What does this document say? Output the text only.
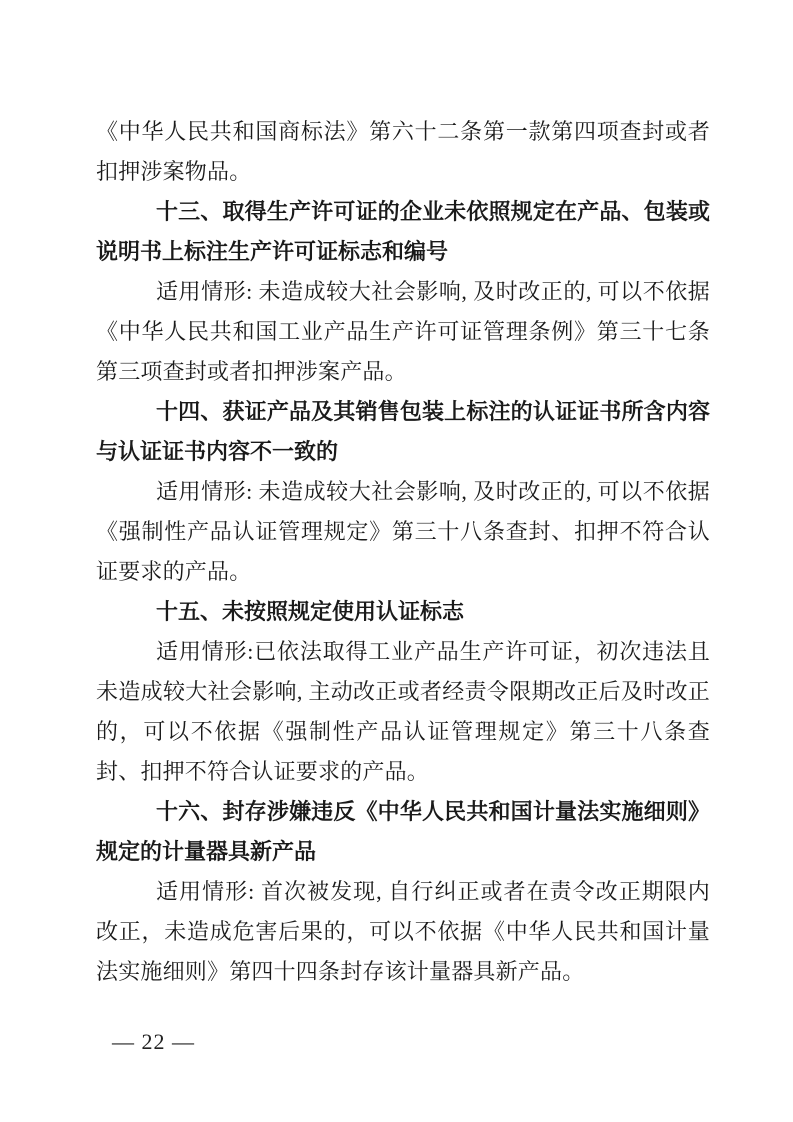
《中华人民共和国商标法》第六十二条第一款第四项查封或者扣押涉案物品。

十三、取得生产许可证的企业未依照规定在产品、包装或说明书上标注生产许可证标志和编号

适用情形: 未造成较大社会影响, 及时改正的, 可以不依据《中华人民共和国工业产品生产许可证管理条例》第三十七条第三项查封或者扣押涉案产品。

十四、获证产品及其销售包装上标注的认证证书所含内容与认证证书内容不一致的

适用情形: 未造成较大社会影响, 及时改正的, 可以不依据《强制性产品认证管理规定》第三十八条查封、扣押不符合认证要求的产品。

十五、未按照规定使用认证标志

适用情形:已依法取得工业产品生产许可证，初次违法且未造成较大社会影响, 主动改正或者经责令限期改正后及时改正的，可以不依据《强制性产品认证管理规定》第三十八条查封、扣押不符合认证要求的产品。

十六、封存涉嫌违反《中华人民共和国计量法实施细则》规定的计量器具新产品

适用情形: 首次被发现, 自行纠正或者在责令改正期限内改正，未造成危害后果的，可以不依据《中华人民共和国计量法实施细则》第四十四条封存该计量器具新产品。

— 22 —
